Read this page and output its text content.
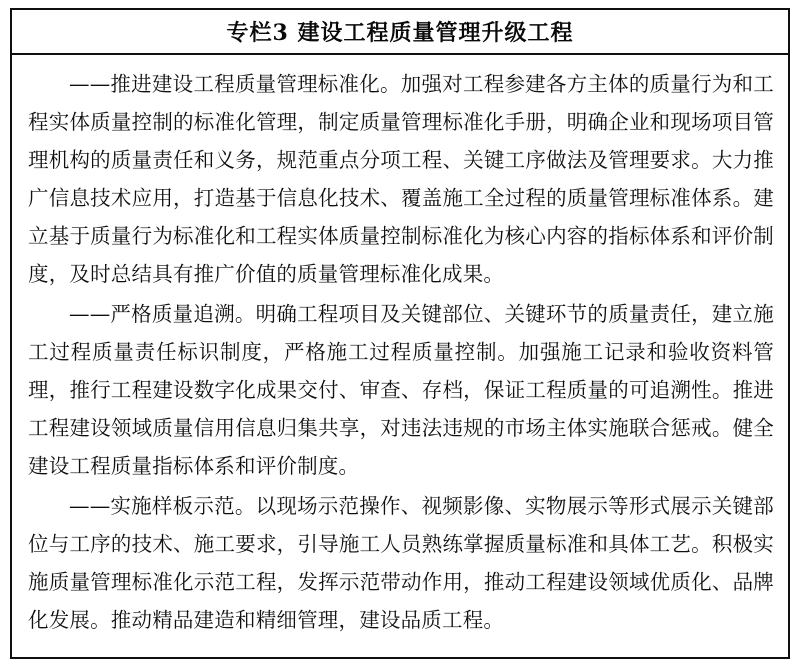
专栏3 建设工程质量管理升级工程

——推进建设工程质量管理标准化。加强对工程参建各方主体的质量行为和工程实体质量控制的标准化管理，制定质量管理标准化手册，明确企业和现场项目管理机构的质量责任和义务，规范重点分项工程、关键工序做法及管理要求。大力推广信息技术应用，打造基于信息化技术、覆盖施工全过程的质量管理标准体系。建立基于质量行为标准化和工程实体质量控制标准化为核心内容的指标体系和评价制度，及时总结具有推广价值的质量管理标准化成果。

——严格质量追溯。明确工程项目及关键部位、关键环节的质量责任，建立施工过程质量责任标识制度，严格施工过程质量控制。加强施工记录和验收资料管理，推行工程建设数字化成果交付、审查、存档，保证工程质量的可追溯性。推进工程建设领域质量信用信息归集共享，对违法违规的市场主体实施联合惩戒。健全建设工程质量指标体系和评价制度。

——实施样板示范。以现场示范操作、视频影像、实物展示等形式展示关键部位与工序的技术、施工要求，引导施工人员熟练掌握质量标准和具体工艺。积极实施质量管理标准化示范工程，发挥示范带动作用，推动工程建设领域优质化、品牌化发展。推动精品建造和精细管理，建设品质工程。
